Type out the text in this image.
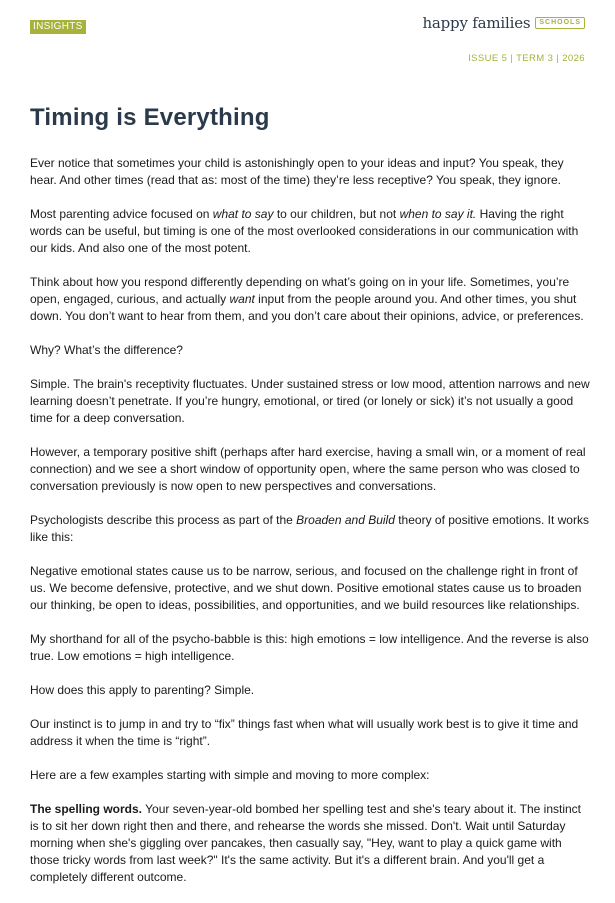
INSIGHTS	happy families	SCHOOLS
ISSUE 5 | TERM 3 | 2026
Timing is Everything

Ever notice that sometimes your child is astonishingly open to your ideas and input? You speak, they hear. And other times (read that as: most of the time) they’re less receptive? You speak, they ignore.

Most parenting advice focused on what to say to our children, but not when to say it. Having the right words can be useful, but timing is one of the most overlooked considerations in our communication with our kids. And also one of the most potent.

Think about how you respond differently depending on what’s going on in your life. Sometimes, you’re open, engaged, curious, and actually want input from the people around you. And other times, you shut down. You don’t want to hear from them, and you don’t care about their opinions, advice, or preferences.

Why? What’s the difference?

Simple. The brain's receptivity fluctuates. Under sustained stress or low mood, attention narrows and new learning doesn’t penetrate. If you’re hungry, emotional, or tired (or lonely or sick) it’s not usually a good time for a deep conversation.

However, a temporary positive shift (perhaps after hard exercise, having a small win, or a moment of real connection) and we see a short window of opportunity open, where the same person who was closed to conversation previously is now open to new perspectives and conversations.

Psychologists describe this process as part of the Broaden and Build theory of positive emotions. It works like this:

Negative emotional states cause us to be narrow, serious, and focused on the challenge right in front of us. We become defensive, protective, and we shut down. Positive emotional states cause us to broaden our thinking, be open to ideas, possibilities, and opportunities, and we build resources like relationships.

My shorthand for all of the psycho-babble is this: high emotions = low intelligence. And the reverse is also true. Low emotions = high intelligence.

How does this apply to parenting? Simple.

Our instinct is to jump in and try to “fix” things fast when what will usually work best is to give it time and address it when the time is “right”.

Here are a few examples starting with simple and moving to more complex:

The spelling words. Your seven-year-old bombed her spelling test and she's teary about it. The instinct is to sit her down right then and there, and rehearse the words she missed. Don't. Wait until Saturday morning when she's giggling over pancakes, then casually say, "Hey, want to play a quick game with those tricky words from last week?" It's the same activity. But it's a different brain. And you'll get a completely different outcome.
